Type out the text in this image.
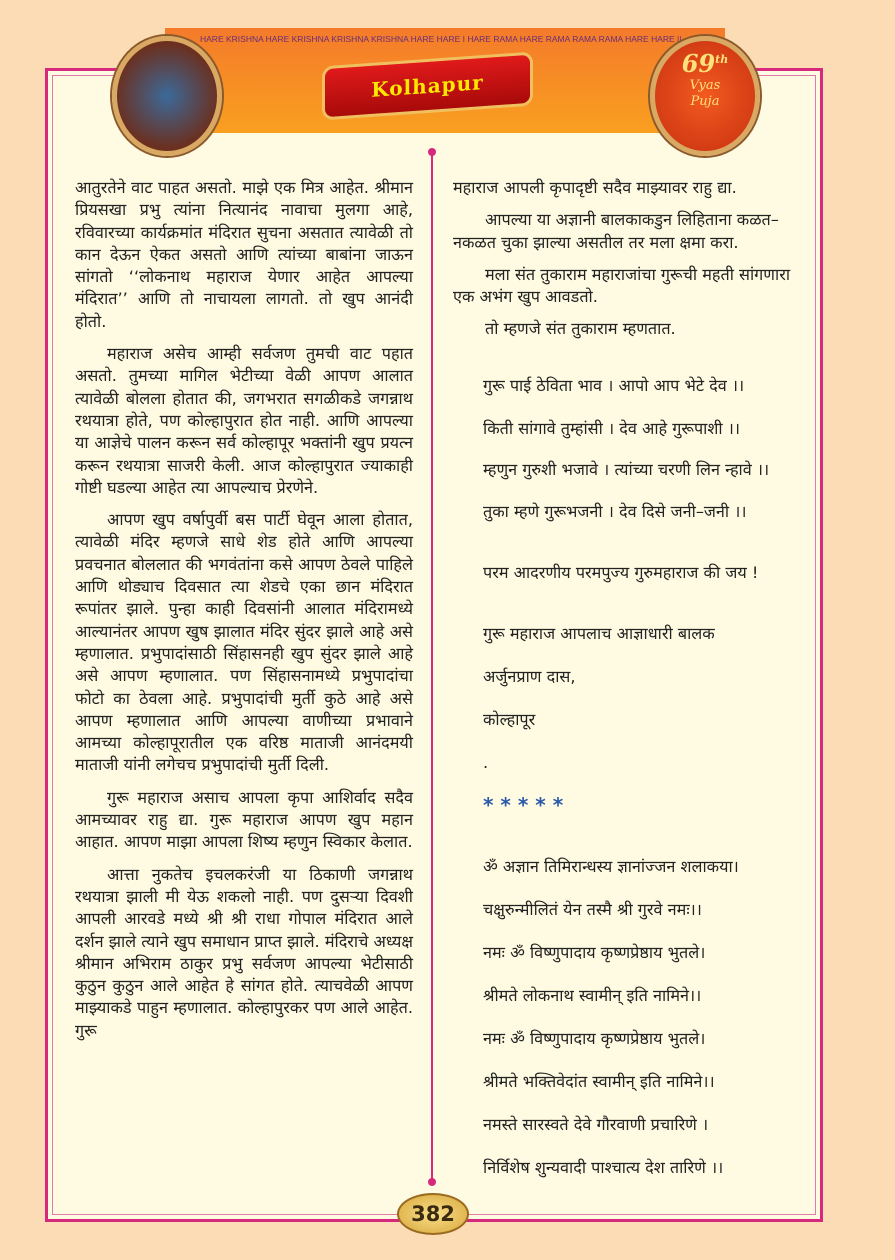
HARE KRISHNA HARE KRISHNA KRISHNA KRISHNA HARE HARE I HARE RAMA HARE RAMA RAMA RAMA HARE HARE ||
Kolhapur
69th
Vyas
Puja

आतुरतेने वाट पाहत असतो. माझे एक मित्र आहेत. श्रीमान प्रियसखा प्रभु त्यांना नित्यानंद नावाचा मुलगा आहे, रविवारच्या कार्यक्रमांत मंदिरात सुचना असतात त्यावेळी तो कान देऊन ऐकत असतो आणि त्यांच्या बाबांना जाऊन सांगतो ‘‘लोकनाथ महाराज येणार आहेत आपल्या मंदिरात’’ आणि तो नाचायला लागतो. तो खुप आनंदी होतो.

महाराज असेच आम्ही सर्वजण तुमची वाट पहात असतो. तुमच्या मागिल भेटीच्या वेळी आपण आलात त्यावेळी बोलला होतात की, जगभरात सगळीकडे जगन्नाथ रथयात्रा होते, पण कोल्हापुरात होत नाही. आणि आपल्या या आज्ञेचे पालन करून सर्व कोल्हापूर भक्तांनी खुप प्रयत्न करून रथयात्रा साजरी केली. आज कोल्हापुरात ज्याकाही गोष्टी घडल्या आहेत त्या आपल्याच प्रेरणेने.

आपण खुप वर्षापुर्वी बस पार्टी घेवून आला होतात, त्यावेळी मंदिर म्हणजे साधे शेड होते आणि आपल्या प्रवचनात बोललात की भगवंतांना कसे आपण ठेवले पाहिले आणि थोड्याच दिवसात त्या शेडचे एका छान मंदिरात रूपांतर झाले. पुन्हा काही दिवसांनी आलात मंदिरामध्ये आल्यानंतर आपण खुष झालात मंदिर सुंदर झाले आहे असे म्हणालात. प्रभुपादांसाठी सिंहासनही खुप सुंदर झाले आहे असे आपण म्हणालात. पण सिंहासनामध्ये प्रभुपादांचा फोटो का ठेवला आहे. प्रभुपादांची मुर्ती कुठे आहे असे आपण म्हणालात आणि आपल्या वाणीच्या प्रभावाने आमच्या कोल्हापूरातील एक वरिष्ठ माताजी आनंदमयी माताजी यांनी लगेचच प्रभुपादांची मुर्ती दिली.

गुरू महाराज असाच आपला कृपा आशिर्वाद सदैव आमच्यावर राहु द्या. गुरू महाराज आपण खुप महान आहात. आपण माझा आपला शिष्य म्हणुन स्विकार केलात.

आत्ता नुकतेच इचलकरंजी या ठिकाणी जगन्नाथ रथयात्रा झाली मी येऊ शकलो नाही. पण दुसऱ्या दिवशी आपली आरवडे मध्ये श्री श्री राधा गोपाल मंदिरात आले दर्शन झाले त्याने खुप समाधान प्राप्त झाले. मंदिराचे अध्यक्ष श्रीमान अभिराम ठाकुर प्रभु सर्वजण आपल्या भेटीसाठी कुठुन कुठुन आले आहेत हे सांगत होते. त्याचवेळी आपण माझ्याकडे पाहुन म्हणालात. कोल्हापुरकर पण आले आहेत. गुरू

महाराज आपली कृपादृष्टी सदैव माझ्यावर राहु द्या.

आपल्या या अज्ञानी बालकाकडुन लिहिताना कळत–नकळत चुका झाल्या असतील तर मला क्षमा करा.

मला संत तुकाराम महाराजांचा गुरूची महती सांगणारा एक अभंग खुप आवडतो.

तो म्हणजे संत तुकाराम म्हणतात.

गुरू पाई ठेविता भाव । आपो आप भेटे देव ।।

किती सांगावे तुम्हांसी । देव आहे गुरूपाशी ।।

म्हणुन गुरुशी भजावे । त्यांच्या चरणी लिन न्हावे ।।

तुका म्हणे गुरूभजनी । देव दिसे जनी–जनी ।।

परम आदरणीय परमपुज्य गुरुमहाराज की जय !

गुरू महाराज आपलाच आज्ञाधारी बालक

अर्जुनप्राण दास,

कोल्हापूर

.

* * * * *

ॐ अज्ञान तिमिरान्धस्य ज्ञानांज्जन शलाकया।

चक्षुरुन्मीलितं येन तस्मै श्री गुरवे नमः।।

नमः ॐ विष्णुपादाय कृष्णप्रेष्ठाय भुतले।

श्रीमते लोकनाथ स्वामीन् इति नामिने।।

नमः ॐ विष्णुपादाय कृष्णप्रेष्ठाय भुतले।

श्रीमते भक्तिवेदांत स्वामीन् इति नामिने।।

नमस्ते सारस्वते देवे गौरवाणी प्रचारिणे ।

निर्विशेष शुन्यवादी पाश्चात्य देश तारिणे ।।

382
